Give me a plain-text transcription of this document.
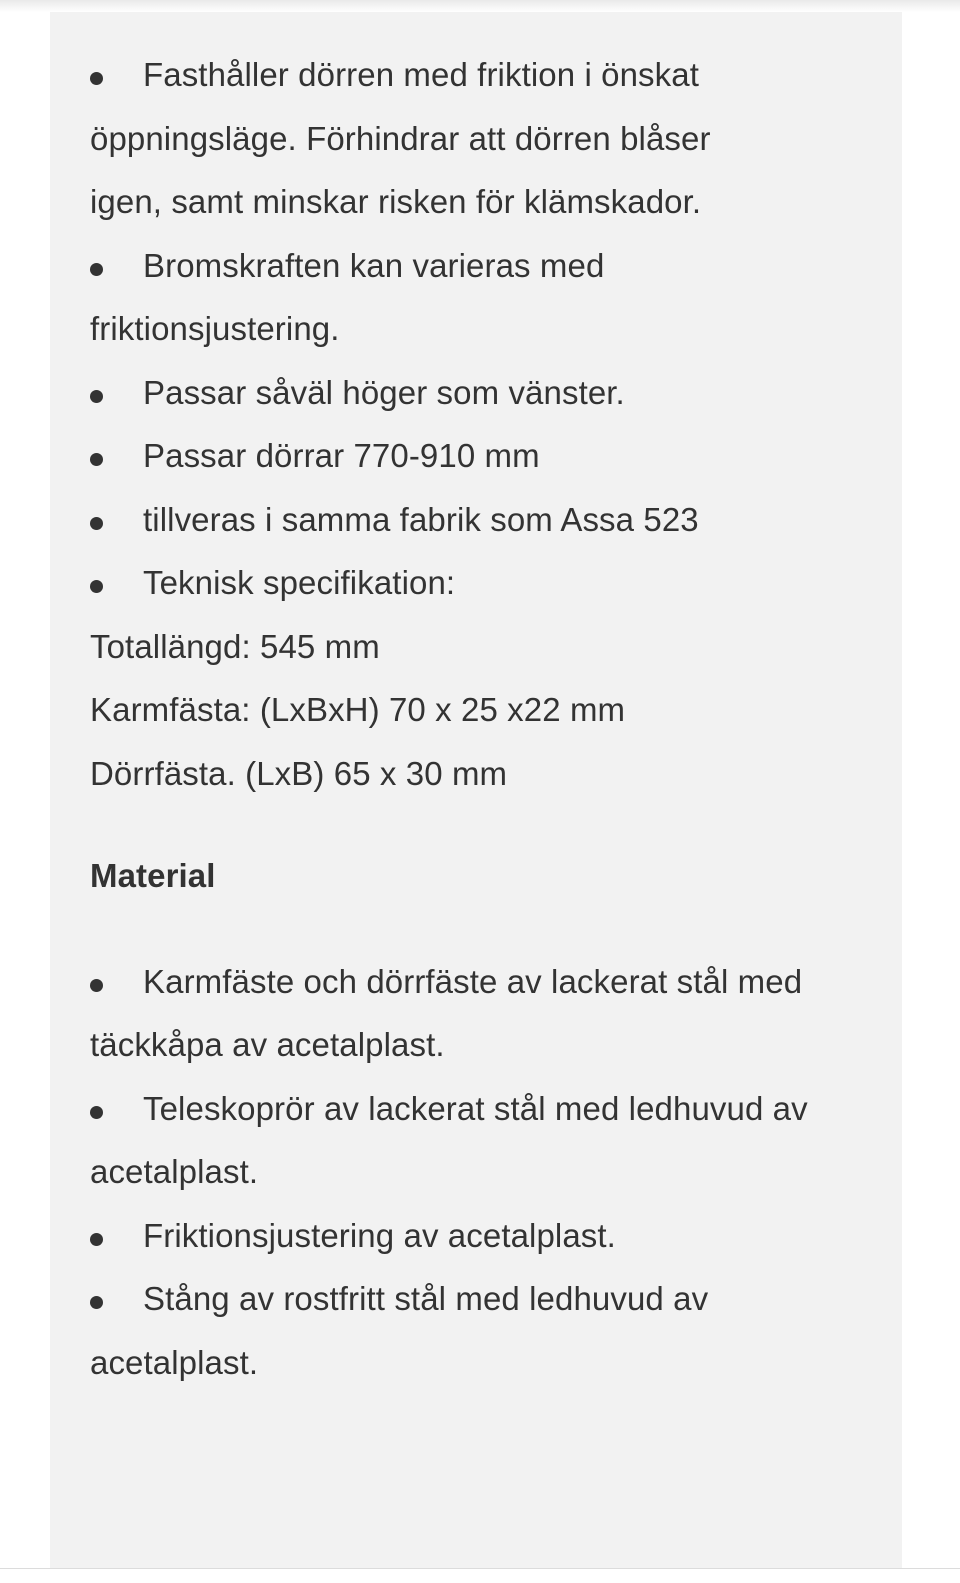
Fasthåller dörren med friktion i önskat öppningsläge. Förhindrar att dörren blåser igen, samt minskar risken för klämskador.
Bromskraften kan varieras med friktionsjustering.
Passar såväl höger som vänster.
Passar dörrar 770-910 mm
tillveras i samma fabrik som Assa 523
Teknisk specifikation:
Totallängd: 545 mm
Karmfästa: (LxBxH) 70 x 25 x22 mm
Dörrfästa. (LxB) 65 x 30 mm
Material
Karmfäste och dörrfäste av lackerat stål med täckkåpa av acetalplast.
Teleskoprör av lackerat stål med ledhuvud av acetalplast.
Friktionsjustering av acetalplast.
Stång av rostfritt stål med ledhuvud av acetalplast.
